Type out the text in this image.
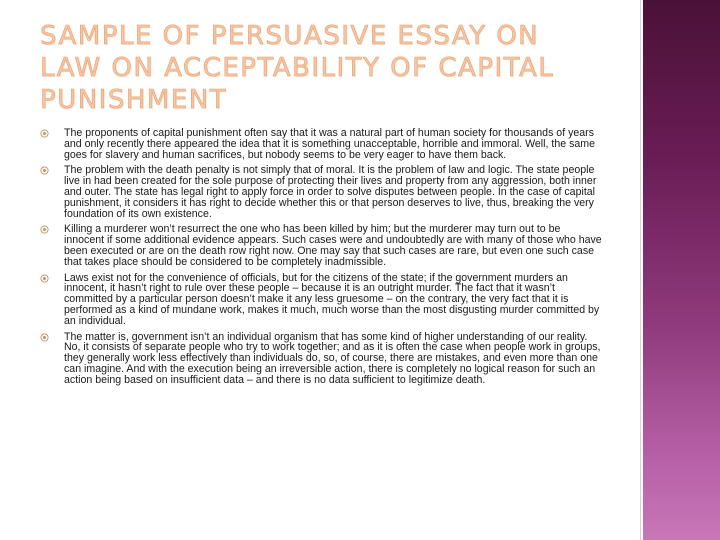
SAMPLE OF PERSUASIVE ESSAY ON LAW ON ACCEPTABILITY OF CAPITAL PUNISHMENT
The proponents of capital punishment often say that it was a natural part of human society for thousands of years and only recently there appeared the idea that it is something unacceptable, horrible and immoral. Well, the same goes for slavery and human sacrifices, but nobody seems to be very eager to have them back.
The problem with the death penalty is not simply that of moral. It is the problem of law and logic. The state people live in had been created for the sole purpose of protecting their lives and property from any aggression, both inner and outer. The state has legal right to apply force in order to solve disputes between people. In the case of capital punishment, it considers it has right to decide whether this or that person deserves to live, thus, breaking the very foundation of its own existence.
Killing a murderer won’t resurrect the one who has been killed by him; but the murderer may turn out to be innocent if some additional evidence appears. Such cases were and undoubtedly are with many of those who have been executed or are on the death row right now. One may say that such cases are rare, but even one such case that takes place should be considered to be completely inadmissible.
Laws exist not for the convenience of officials, but for the citizens of the state; if the government murders an innocent, it hasn’t right to rule over these people – because it is an outright murder. The fact that it wasn’t committed by a particular person doesn’t make it any less gruesome – on the contrary, the very fact that it is performed as a kind of mundane work, makes it much, much worse than the most disgusting murder committed by an individual.
The matter is, government isn’t an individual organism that has some kind of higher understanding of our reality. No, it consists of separate people who try to work together; and as it is often the case when people work in groups, they generally work less effectively than individuals do, so, of course, there are mistakes, and even more than one can imagine. And with the execution being an irreversible action, there is completely no logical reason for such an action being based on insufficient data – and there is no data sufficient to legitimize death.
